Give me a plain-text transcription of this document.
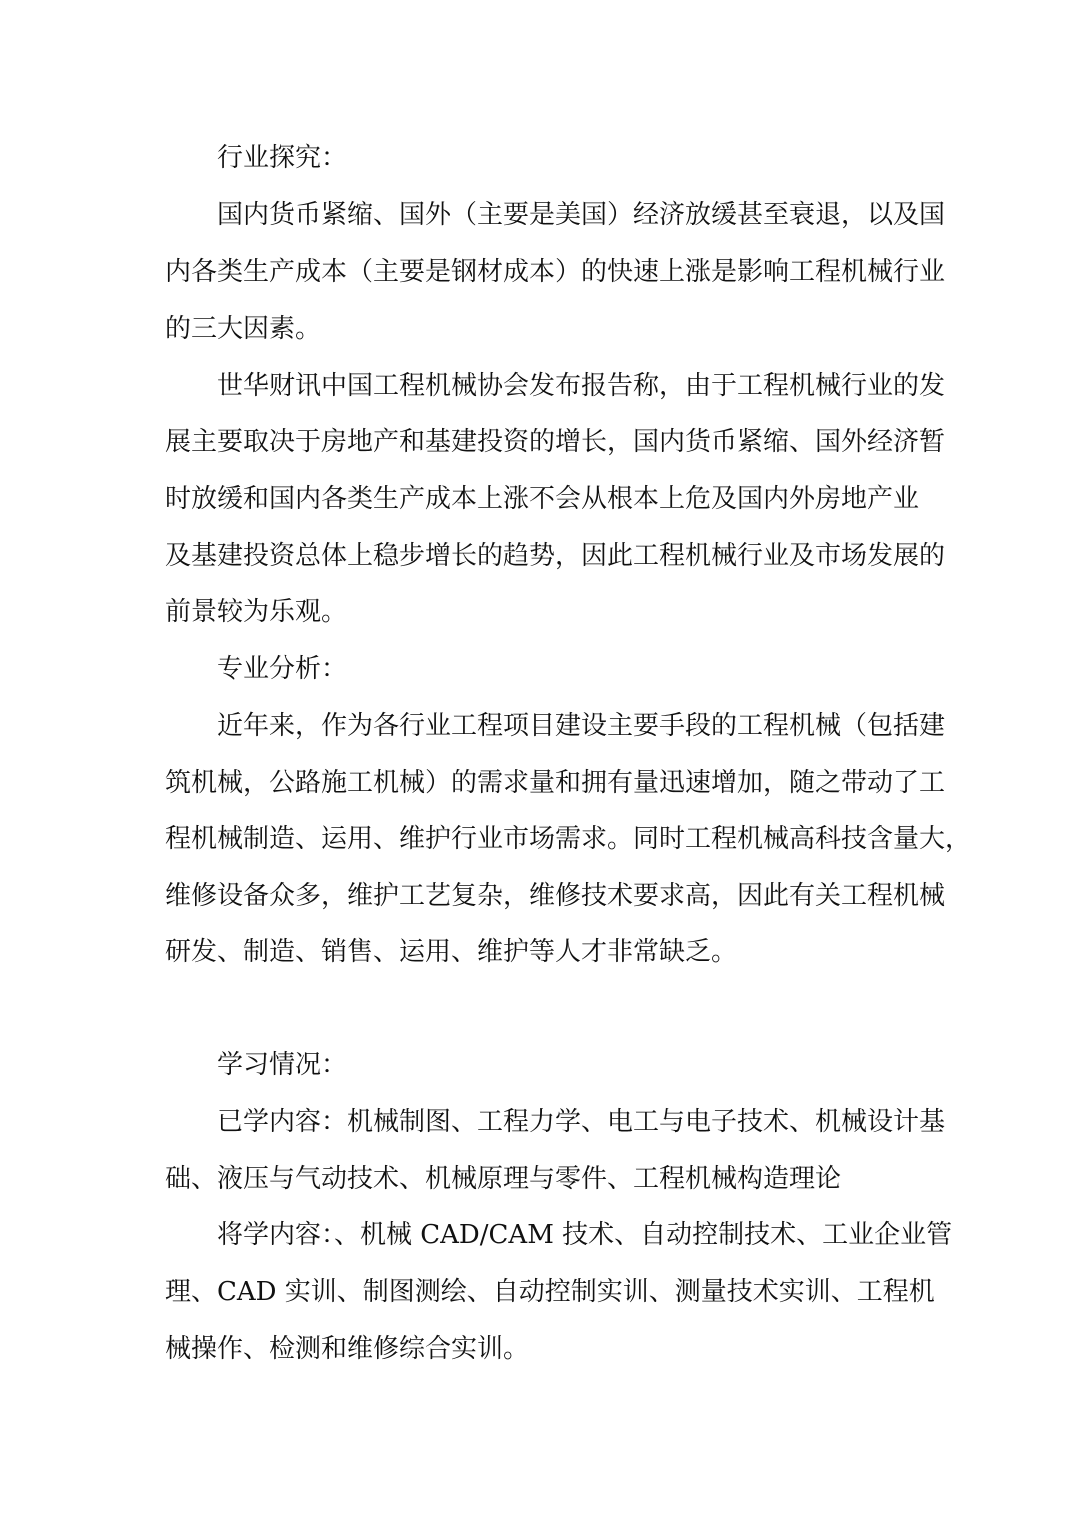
行业探究：
国内货币紧缩、国外（主要是美国）经济放缓甚至衰退，以及国
内各类生产成本（主要是钢材成本）的快速上涨是影响工程机械行业
的三大因素。
世华财讯中国工程机械协会发布报告称，由于工程机械行业的发
展主要取决于房地产和基建投资的增长，国内货币紧缩、国外经济暂
时放缓和国内各类生产成本上涨不会从根本上危及国内外房地产业
及基建投资总体上稳步增长的趋势，因此工程机械行业及市场发展的
前景较为乐观。
专业分析：
近年来，作为各行业工程项目建设主要手段的工程机械（包括建
筑机械，公路施工机械）的需求量和拥有量迅速增加，随之带动了工
程机械制造、运用、维护行业市场需求。同时工程机械高科技含量大，
维修设备众多，维护工艺复杂，维修技术要求高，因此有关工程机械
研发、制造、销售、运用、维护等人才非常缺乏。
学习情况：
已学内容：机械制图、工程力学、电工与电子技术、机械设计基
础、液压与气动技术、机械原理与零件、工程机械构造理论
将学内容：、机械 CAD/CAM 技术、自动控制技术、工业企业管
理、CAD 实训、制图测绘、自动控制实训、测量技术实训、工程机
械操作、检测和维修综合实训。
